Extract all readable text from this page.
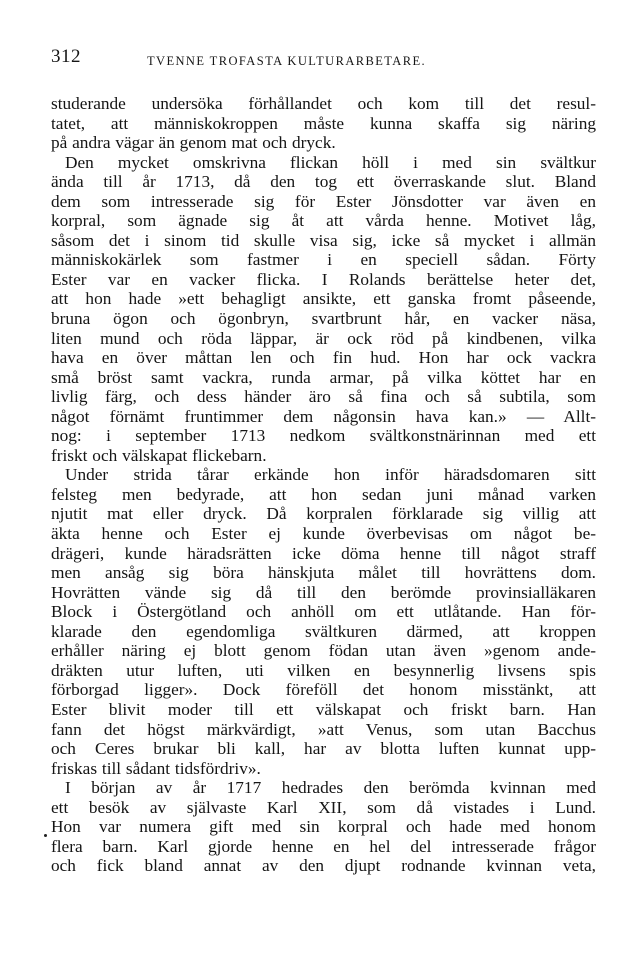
312	TVENNE TROFASTA KULTURARBETARE.
studerande undersöka förhållandet och kom till det resul-
tatet, att människokroppen måste kunna skaffa sig näring
på andra vägar än genom mat och dryck.
Den mycket omskrivna flickan höll i med sin svältkur
ända till år 1713, då den tog ett överraskande slut. Bland
dem som intresserade sig för Ester Jönsdotter var även en
korpral, som ägnade sig åt att vårda henne. Motivet låg,
såsom det i sinom tid skulle visa sig, icke så mycket i allmän
människokärlek som fastmer i en speciell sådan. Förty
Ester var en vacker flicka. I Rolands berättelse heter det,
att hon hade »ett behagligt ansikte, ett ganska fromt påseende,
bruna ögon och ögonbryn, svartbrunt hår, en vacker näsa,
liten mund och röda läppar, är ock röd på kindbenen, vilka
hava en över måttan len och fin hud. Hon har ock vackra
små bröst samt vackra, runda armar, på vilka köttet har en
livlig färg, och dess händer äro så fina och så subtila, som
något förnämt fruntimmer dem någonsin hava kan.» — Allt-
nog: i september 1713 nedkom svältkonstnärinnan med ett
friskt och välskapat flickebarn.
Under strida tårar erkände hon inför häradsdomaren sitt
felsteg men bedyrade, att hon sedan juni månad varken
njutit mat eller dryck. Då korpralen förklarade sig villig att
äkta henne och Ester ej kunde överbevisas om något be-
drägeri, kunde häradsrätten icke döma henne till något straff
men ansåg sig böra hänskjuta målet till hovrättens dom.
Hovrätten vände sig då till den berömde provinsialläkaren
Block i Östergötland och anhöll om ett utlåtande. Han för-
klarade den egendomliga svältkuren därmed, att kroppen
erhåller näring ej blott genom födan utan även »genom ande-
dräkten utur luften, uti vilken en besynnerlig livsens spis
förborgad ligger». Dock föreföll det honom misstänkt, att
Ester blivit moder till ett välskapat och friskt barn. Han
fann det högst märkvärdigt, »att Venus, som utan Bacchus
och Ceres brukar bli kall, har av blotta luften kunnat upp-
friskas till sådant tidsfördriv».
I början av år 1717 hedrades den berömda kvinnan med
ett besök av självaste Karl XII, som då vistades i Lund.
Hon var numera gift med sin korpral och hade med honom
flera barn. Karl gjorde henne en hel del intresserade frågor
och fick bland annat av den djupt rodnande kvinnan veta,
